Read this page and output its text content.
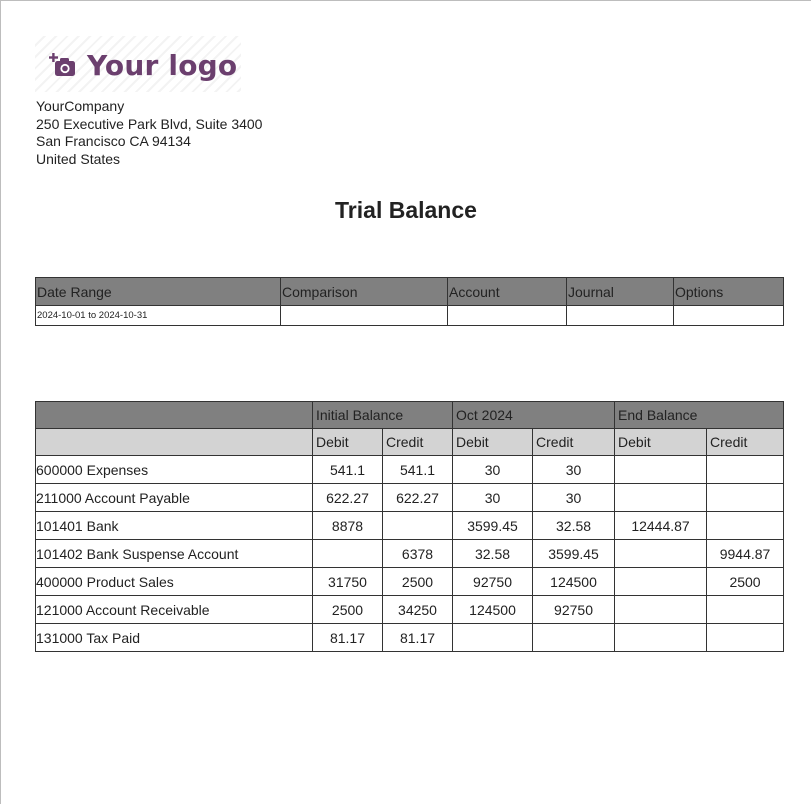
Your logo
YourCompany
250 Executive Park Blvd, Suite 3400
San Francisco CA 94134
United States
Trial Balance
Date Range	Comparison	Account	Journal	Options
2024-10-01 to 2024-10-31				
	Initial Balance		Oct 2024		End Balance	
	Debit	Credit	Debit	Credit	Debit	Credit
600000 Expenses	541.1	541.1	30	30		
211000 Account Payable	622.27	622.27	30	30		
101401 Bank	8878		3599.45	32.58	12444.87	
101402 Bank Suspense Account		6378	32.58	3599.45		9944.87
400000 Product Sales	31750	2500	92750	124500		2500
121000 Account Receivable	2500	34250	124500	92750		
131000 Tax Paid	81.17	81.17				
